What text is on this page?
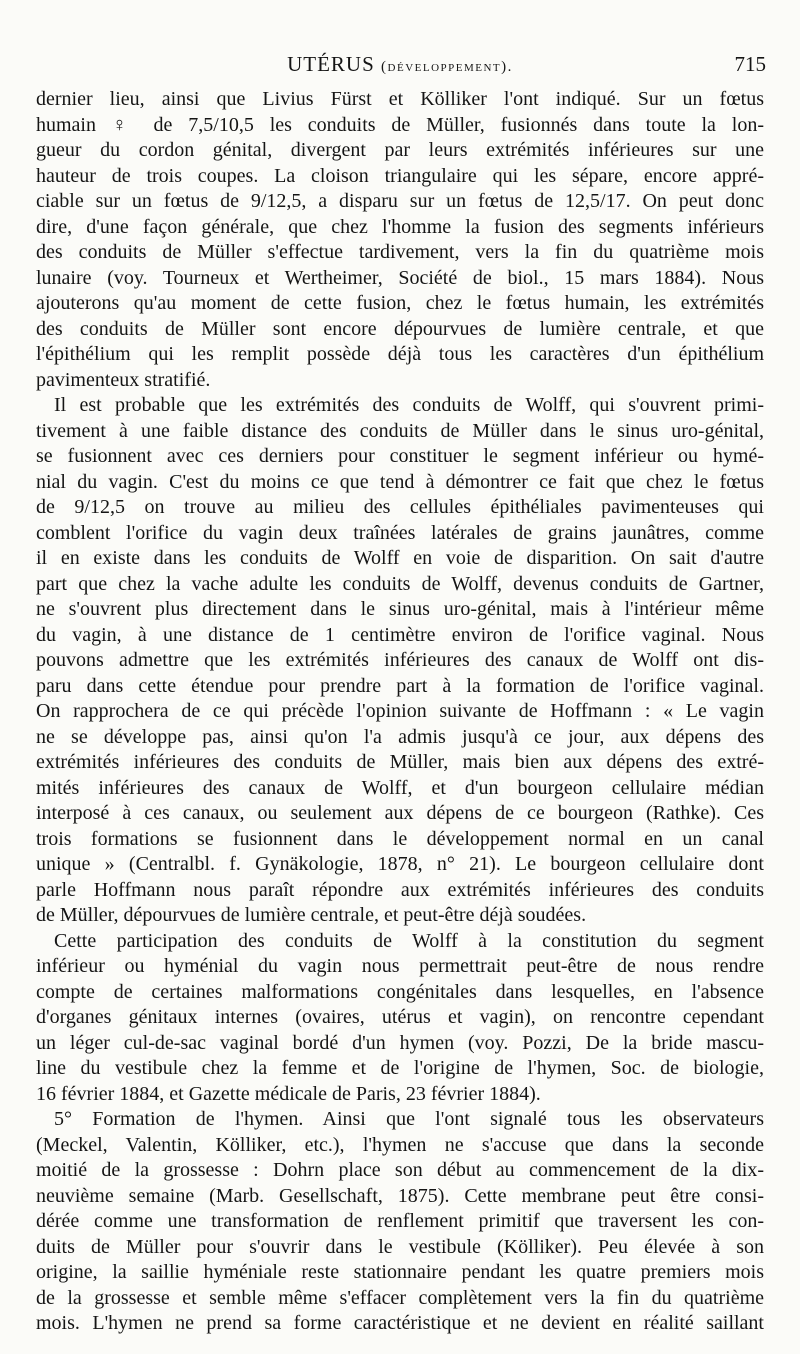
UTÉRUS (développement).	715
dernier lieu, ainsi que Livius Fürst et Kölliker l'ont indiqué. Sur un fœtus
humain ♀ de 7,5/10,5 les conduits de Müller, fusionnés dans toute la lon-
gueur du cordon génital, divergent par leurs extrémités inférieures sur une
hauteur de trois coupes. La cloison triangulaire qui les sépare, encore appré-
ciable sur un fœtus de 9/12,5, a disparu sur un fœtus de 12,5/17. On peut donc
dire, d'une façon générale, que chez l'homme la fusion des segments inférieurs
des conduits de Müller s'effectue tardivement, vers la fin du quatrième mois
lunaire (voy. Tourneux et Wertheimer, Société de biol., 15 mars 1884). Nous
ajouterons qu'au moment de cette fusion, chez le fœtus humain, les extrémités
des conduits de Müller sont encore dépourvues de lumière centrale, et que
l'épithélium qui les remplit possède déjà tous les caractères d'un épithélium
pavimenteux stratifié.
Il est probable que les extrémités des conduits de Wolff, qui s'ouvrent primi-
tivement à une faible distance des conduits de Müller dans le sinus uro-génital,
se fusionnent avec ces derniers pour constituer le segment inférieur ou hymé-
nial du vagin. C'est du moins ce que tend à démontrer ce fait que chez le fœtus
de 9/12,5 on trouve au milieu des cellules épithéliales pavimenteuses qui
comblent l'orifice du vagin deux traînées latérales de grains jaunâtres, comme
il en existe dans les conduits de Wolff en voie de disparition. On sait d'autre
part que chez la vache adulte les conduits de Wolff, devenus conduits de Gartner,
ne s'ouvrent plus directement dans le sinus uro-génital, mais à l'intérieur même
du vagin, à une distance de 1 centimètre environ de l'orifice vaginal. Nous
pouvons admettre que les extrémités inférieures des canaux de Wolff ont dis-
paru dans cette étendue pour prendre part à la formation de l'orifice vaginal.
On rapprochera de ce qui précède l'opinion suivante de Hoffmann : « Le vagin
ne se développe pas, ainsi qu'on l'a admis jusqu'à ce jour, aux dépens des
extrémités inférieures des conduits de Müller, mais bien aux dépens des extré-
mités inférieures des canaux de Wolff, et d'un bourgeon cellulaire médian
interposé à ces canaux, ou seulement aux dépens de ce bourgeon (Rathke). Ces
trois formations se fusionnent dans le développement normal en un canal
unique » (Centralbl. f. Gynäkologie, 1878, n° 21). Le bourgeon cellulaire dont
parle Hoffmann nous paraît répondre aux extrémités inférieures des conduits
de Müller, dépourvues de lumière centrale, et peut-être déjà soudées.
Cette participation des conduits de Wolff à la constitution du segment
inférieur ou hyménial du vagin nous permettrait peut-être de nous rendre
compte de certaines malformations congénitales dans lesquelles, en l'absence
d'organes génitaux internes (ovaires, utérus et vagin), on rencontre cependant
un léger cul-de-sac vaginal bordé d'un hymen (voy. Pozzi, De la bride mascu-
line du vestibule chez la femme et de l'origine de l'hymen, Soc. de biologie,
16 février 1884, et Gazette médicale de Paris, 23 février 1884).
5° Formation de l'hymen. Ainsi que l'ont signalé tous les observateurs
(Meckel, Valentin, Kölliker, etc.), l'hymen ne s'accuse que dans la seconde
moitié de la grossesse : Dohrn place son début au commencement de la dix-
neuvième semaine (Marb. Gesellschaft, 1875). Cette membrane peut être consi-
dérée comme une transformation de renflement primitif que traversent les con-
duits de Müller pour s'ouvrir dans le vestibule (Kölliker). Peu élevée à son
origine, la saillie hyméniale reste stationnaire pendant les quatre premiers mois
de la grossesse et semble même s'effacer complètement vers la fin du quatrième
mois. L'hymen ne prend sa forme caractéristique et ne devient en réalité saillant
